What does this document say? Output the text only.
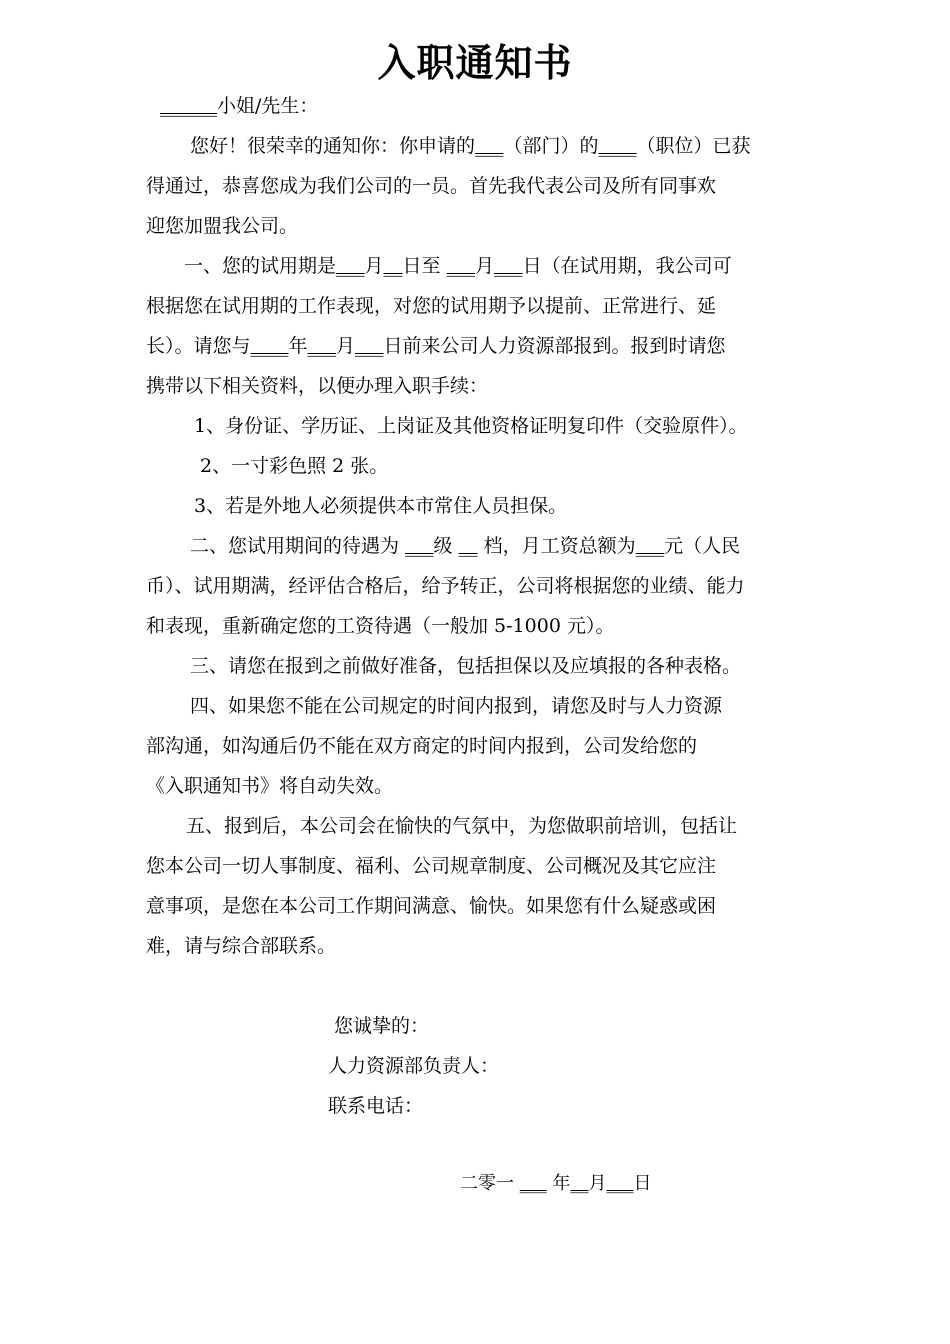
入职通知书
______小姐/先生：
您好！很荣幸的通知你：你申请的___（部门）的____（职位）已获
得通过，恭喜您成为我们公司的一员。首先我代表公司及所有同事欢
迎您加盟我公司。
一、您的试用期是___月__日至 ___月___日（在试用期，我公司可
根据您在试用期的工作表现，对您的试用期予以提前、正常进行、延
长）。请您与____年___月___日前来公司人力资源部报到。报到时请您
携带以下相关资料，以便办理入职手续：
1、身份证、学历证、上岗证及其他资格证明复印件（交验原件）。
2、一寸彩色照 2 张。
3、若是外地人必须提供本市常住人员担保。
二、您试用期间的待遇为 ___级 __ 档，月工资总额为___元（人民
币）、试用期满，经评估合格后，给予转正，公司将根据您的业绩、能力
和表现，重新确定您的工资待遇（一般加 5-1000 元）。
三、请您在报到之前做好准备，包括担保以及应填报的各种表格。
四、如果您不能在公司规定的时间内报到，请您及时与人力资源
部沟通，如沟通后仍不能在双方商定的时间内报到，公司发给您的
《入职通知书》将自动失效。
五、报到后，本公司会在愉快的气氛中，为您做职前培训，包括让
您本公司一切人事制度、福利、公司规章制度、公司概况及其它应注
意事项，是您在本公司工作期间满意、愉快。如果您有什么疑惑或困
难，请与综合部联系。
您诚挚的：
人力资源部负责人：
联系电话：
二零一 ___ 年__月___日
